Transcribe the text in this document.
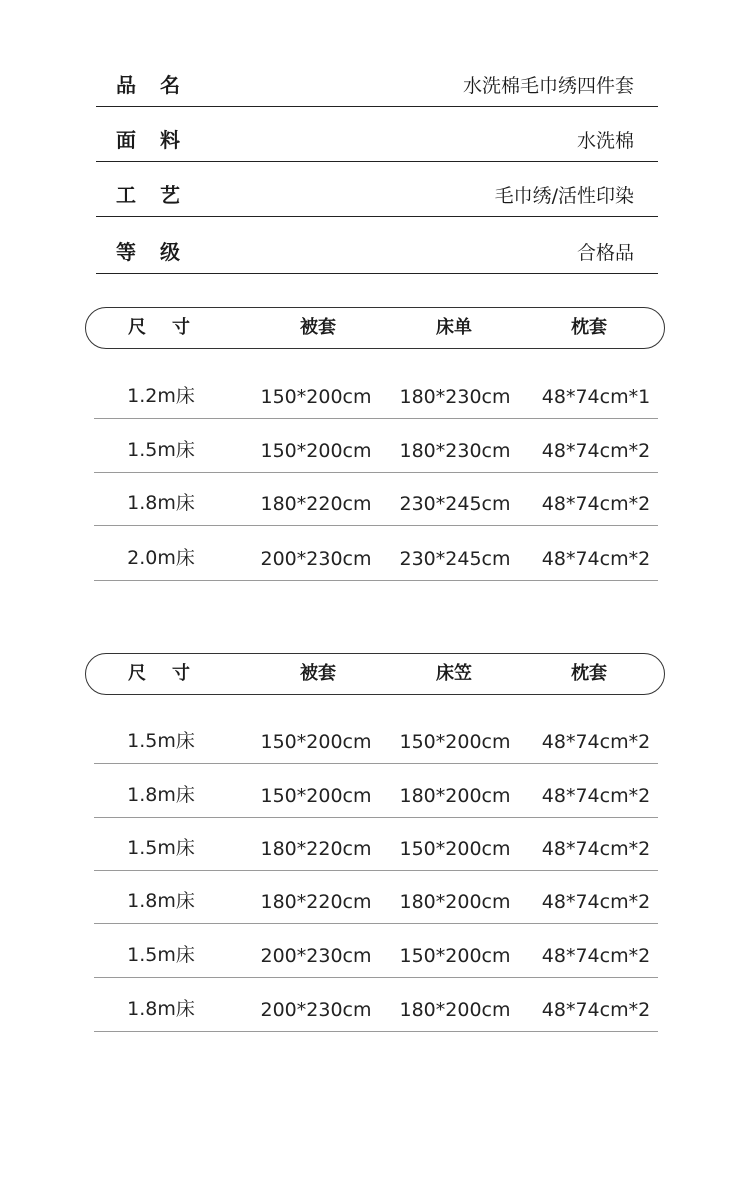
品 名	水洗棉毛巾绣四件套
面 料	水洗棉
工 艺	毛巾绣/活性印染
等 级	合格品
尺 寸	被套	床单	枕套
1.2m床	150*200cm 180*230cm 48*74cm*1
1.5m床	150*200cm 180*230cm 48*74cm*2
1.8m床	180*220cm 230*245cm 48*74cm*2
2.0m床	200*230cm 230*245cm 48*74cm*2
尺 寸	被套	床笠	枕套
1.5m床	150*200cm 150*200cm 48*74cm*2
1.8m床	150*200cm 180*200cm 48*74cm*2
1.5m床	180*220cm 150*200cm 48*74cm*2
1.8m床	180*220cm 180*200cm 48*74cm*2
1.5m床	200*230cm 150*200cm 48*74cm*2
1.8m床	200*230cm 180*200cm 48*74cm*2
